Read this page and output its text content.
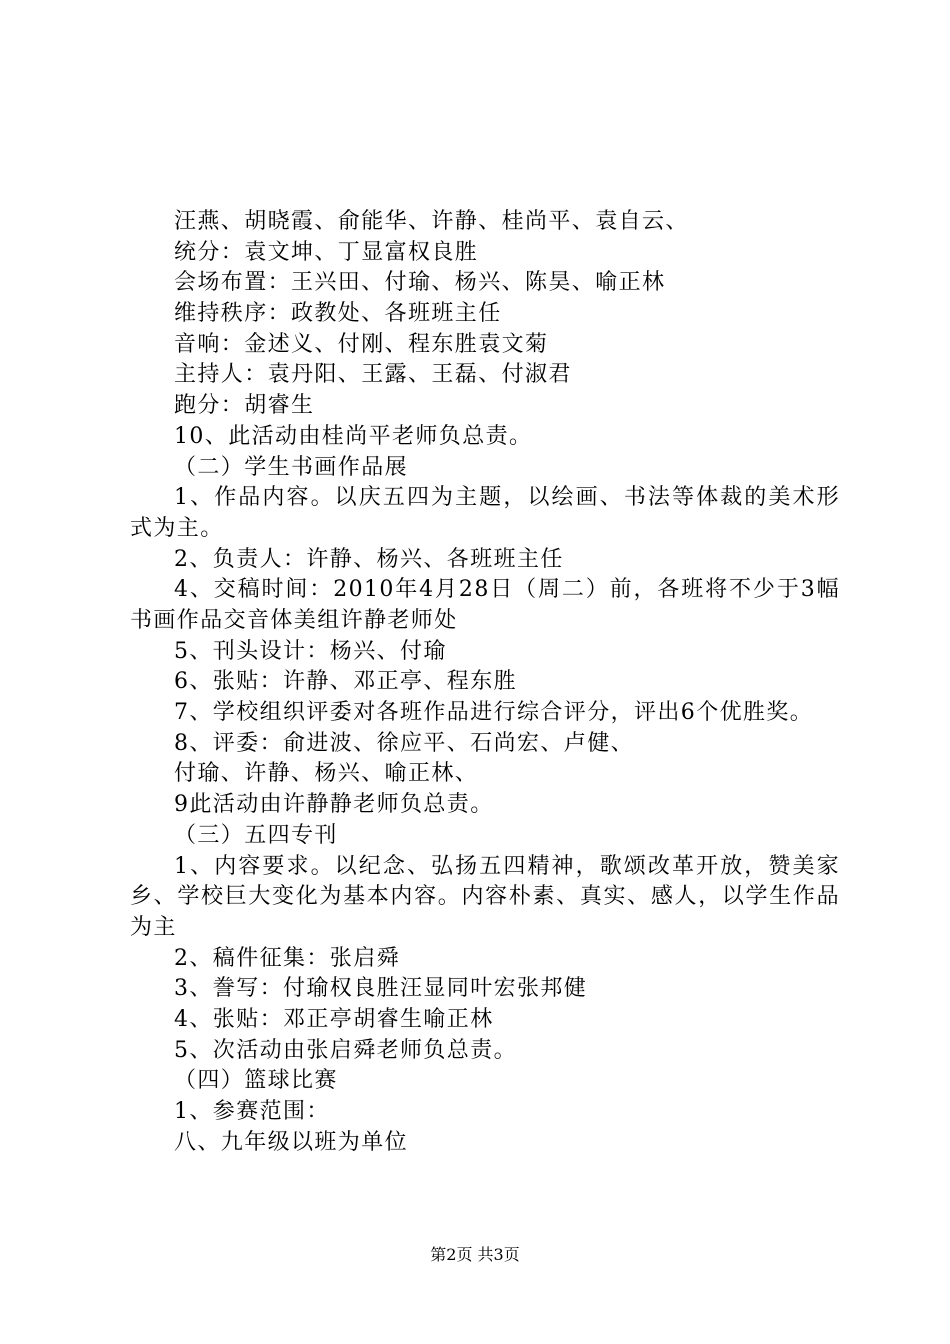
汪燕、胡晓霞、俞能华、许静、桂尚平、袁自云、
统分：袁文坤、丁显富权良胜
会场布置：王兴田、付瑜、杨兴、陈昊、喻正林
维持秩序：政教处、各班班主任
音响：金述义、付刚、程东胜袁文菊
主持人：袁丹阳、王露、王磊、付淑君
跑分：胡睿生
10、此活动由桂尚平老师负总责。
（二）学生书画作品展

1、作品内容。以庆五四为主题，以绘画、书法等体裁的美术形式为主。

2、负责人：许静、杨兴、各班班主任

4、交稿时间：2010年4月28日（周二）前，各班将不少于3幅书画作品交音体美组许静老师处

5、刊头设计：杨兴、付瑜
6、张贴：许静、邓正亭、程东胜

7、学校组织评委对各班作品进行综合评分，评出6个优胜奖。

8、评委：俞进波、徐应平、石尚宏、卢健、
付瑜、许静、杨兴、喻正林、
9此活动由许静静老师负总责。
（三）五四专刊

1、内容要求。以纪念、弘扬五四精神，歌颂改革开放，赞美家乡、学校巨大变化为基本内容。内容朴素、真实、感人，以学生作品为主

2、稿件征集：张启舜
3、誊写：付瑜权良胜汪显同叶宏张邦健
4、张贴：邓正亭胡睿生喻正林
5、次活动由张启舜老师负总责。
（四）篮球比赛
1、参赛范围：
八、九年级以班为单位
第2页 共3页
